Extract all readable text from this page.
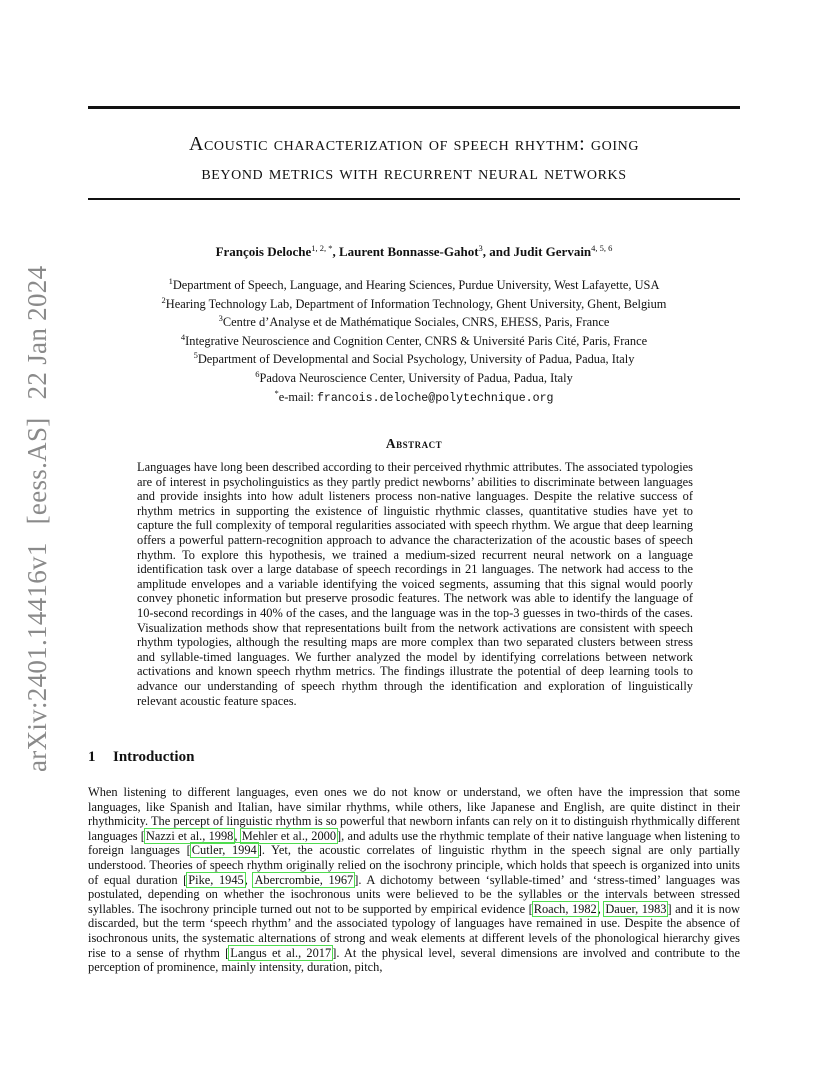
arXiv:2401.14416v1[eess.AS]22 Jan 2024
Acoustic characterization of speech rhythm: going
beyond metrics with recurrent neural networks
François Deloche$^{1, 2, *}$, Laurent Bonnasse-Gahot$^3$, and Judit Gervain$^{4, 5, 6}$
$^1$Department of Speech, Language, and Hearing Sciences, Purdue University, West Lafayette, USA
$^2$Hearing Technology Lab, Department of Information Technology, Ghent University, Ghent, Belgium
$^3$Centre d’Analyse et de Mathématique Sociales, CNRS, EHESS, Paris, France
$^4$Integrative Neuroscience and Cognition Center, CNRS & Université Paris Cité, Paris, France
$^5$Department of Developmental and Social Psychology, University of Padua, Padua, Italy
$^6$Padova Neuroscience Center, University of Padua, Padua, Italy
*e-mail: francois.deloche@polytechnique.org
Abstract
Languages have long been described according to their perceived rhythmic attributes. The associated typologies are of interest in psycholinguistics as they partly predict newborns’ abilities to discriminate between languages and provide insights into how adult listeners process non-native languages. Despite the relative success of rhythm metrics in supporting the existence of linguistic rhythmic classes, quantitative studies have yet to capture the full complexity of temporal regularities associated with speech rhythm. We argue that deep learning offers a powerful pattern-recognition approach to advance the characterization of the acoustic bases of speech rhythm. To explore this hypothesis, we trained a medium-sized recurrent neural network on a language identification task over a large database of speech recordings in 21 languages. The network had access to the amplitude envelopes and a variable identifying the voiced segments, assuming that this signal would poorly convey phonetic information but preserve prosodic features. The network was able to identify the language of 10-second recordings in 40% of the cases, and the language was in the top-3 guesses in two-thirds of the cases. Visualization methods show that representations built from the network activations are consistent with speech rhythm typologies, although the resulting maps are more complex than two separated clusters between stress and syllable-timed languages. We further analyzed the model by identifying correlations between network activations and known speech rhythm metrics. The findings illustrate the potential of deep learning tools to advance our understanding of speech rhythm through the identification and exploration of linguistically relevant acoustic feature spaces.
1 Introduction
When listening to different languages, even ones we do not know or understand, we often have the impression that some languages, like Spanish and Italian, have similar rhythms, while others, like Japanese and English, are quite distinct in their rhythmicity. The percept of linguistic rhythm is so powerful that newborn infants can rely on it to distinguish rhythmically different languages [Nazzi et al., 1998, Mehler et al., 2000], and adults use the rhythmic template of their native language when listening to foreign languages [Cutler, 1994]. Yet, the acoustic correlates of linguistic rhythm in the speech signal are only partially understood. Theories of speech rhythm originally relied on the isochrony principle, which holds that speech is organized into units of equal duration [Pike, 1945, Abercrombie, 1967]. A dichotomy between ‘syllable-timed’ and ‘stress-timed’ languages was postulated, depending on whether the isochronous units were believed to be the syllables or the intervals between stressed syllables. The isochrony principle turned out not to be supported by empirical evidence [Roach, 1982, Dauer, 1983] and it is now discarded, but the term ‘speech rhythm’ and the associated typology of languages have remained in use. Despite the absence of isochronous units, the systematic alternations of strong and weak elements at different levels of the phonological hierarchy gives rise to a sense of rhythm [Langus et al., 2017]. At the physical level, several dimensions are involved and contribute to the perception of prominence, mainly intensity, duration, pitch,
